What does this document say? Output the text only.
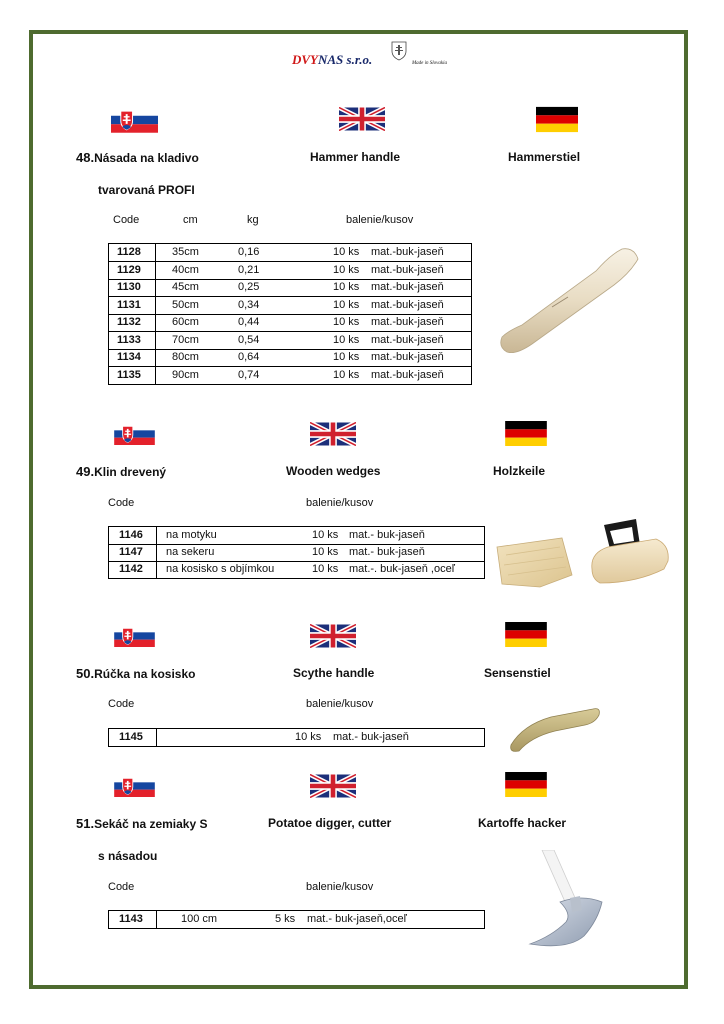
DVYNAS s.r.o.	Made in Slovakia
48.Násada na kladivo	Hammer handle	Hammerstiel
tvarovaná PROFI
Code	cm	kg	balenie/kusov
1128	35cm	0,16	10 ks mat.-buk-jaseň
1129	40cm	0,21	10 ks mat.-buk-jaseň
1130	45cm	0,25	10 ks mat.-buk-jaseň
1131	50cm	0,34	10 ks mat.-buk-jaseň
1132	60cm	0,44	10 ks mat.-buk-jaseň
1133	70cm	0,54	10 ks mat.-buk-jaseň
1134	80cm	0,64	10 ks mat.-buk-jaseň
1135	90cm	0,74	10 ks mat.-buk-jaseň
49.Klin drevený	Wooden wedges	Holzkeile
Code	balenie/kusov
1146 na motyku	10 ks mat.- buk-jaseň
1147 na sekeru	10 ks mat.- buk-jaseň
1142 na kosisko s objímkou	10 ks mat.-. buk-jaseň ,oceľ
50.Rúčka na kosisko	Scythe handle	Sensenstiel
Code	balenie/kusov
1145	10 ks mat.- buk-jaseň
51.Sekáč na zemiaky S	Potatoe digger, cutter	Kartoffe hacker
s násadou
Code	balenie/kusov
1143	100 cm	5 ks mat.- buk-jaseň,oceľ
